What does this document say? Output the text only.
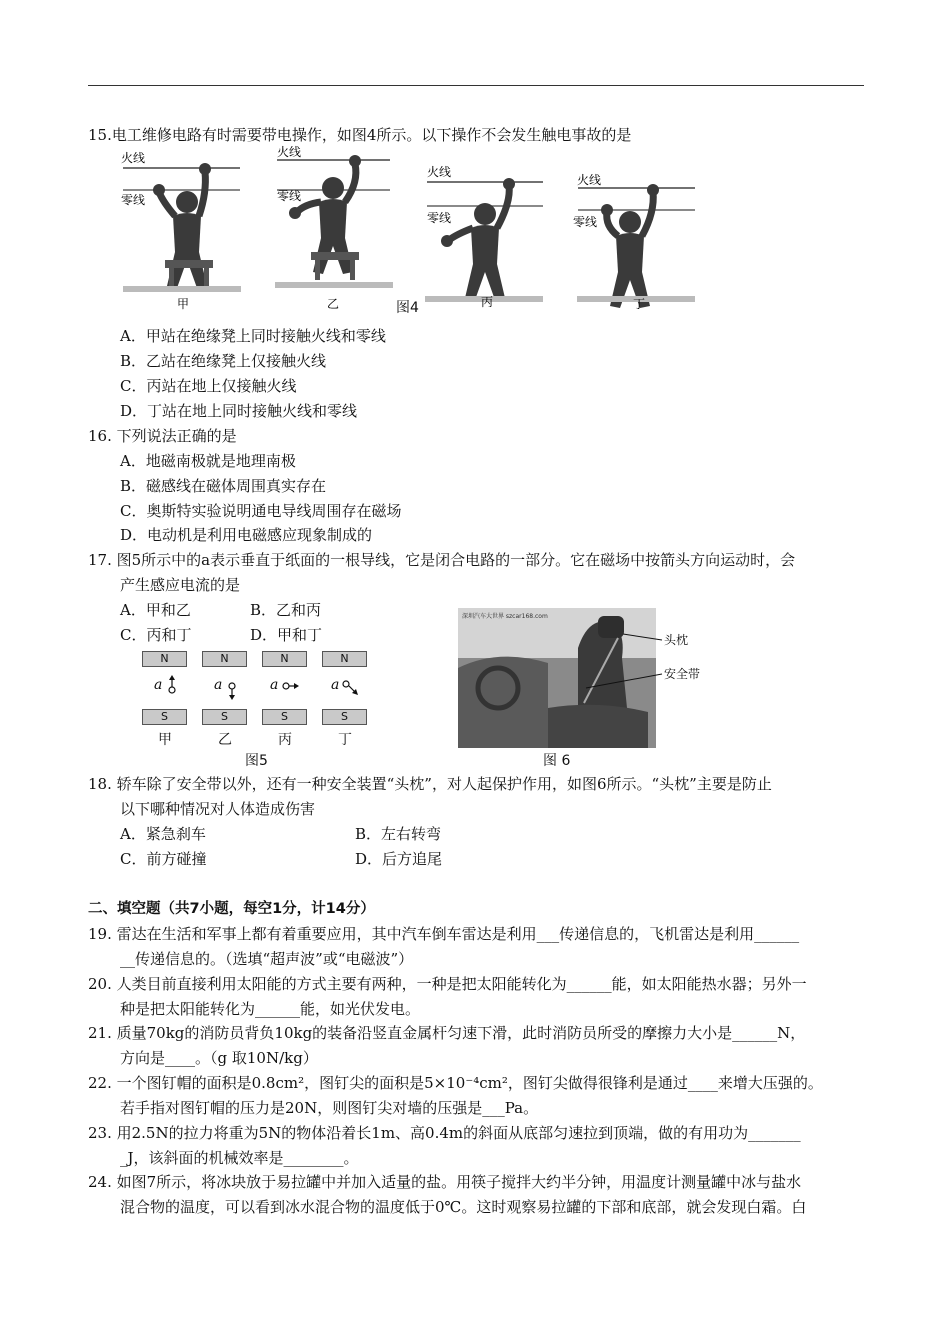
15.电工维修电路有时需要带电操作，如图4所示。以下操作不会发生触电事故的是
火线
零线
甲
火线
零线
乙
火线
零线
丙
火线
零线
丁
图4
A．甲站在绝缘凳上同时接触火线和零线
B．乙站在绝缘凳上仅接触火线
C．丙站在地上仅接触火线
D．丁站在地上同时接触火线和零线
16. 下列说法正确的是
A．地磁南极就是地理南极
B．磁感线在磁体周围真实存在
C．奥斯特实验说明通电导线周围存在磁场
D．电动机是利用电磁感应现象制成的
17. 图5所示中的a表示垂直于纸面的一根导线，它是闭合电路的一部分。它在磁场中按箭头方向运动时，会
产生感应电流的是
A．甲和乙	B．乙和丙
C．丙和丁	D．甲和丁
N	N	N	N
a	a	a	a
S	S	S	S
甲	乙	丙	丁
图5
深圳汽车大世界 szcar168.com
头枕
安全带
图 6
18. 轿车除了安全带以外，还有一种安全装置“头枕”，对人起保护作用，如图6所示。“头枕”主要是防止
以下哪种情况对人体造成伤害
A．紧急刹车	B．左右转弯
C．前方碰撞	D．后方追尾
二、填空题（共7小题，每空1分，计14分）
19. 雷达在生活和军事上都有着重要应用，其中汽车倒车雷达是利用___传递信息的，飞机雷达是利用______
__传递信息的。（选填“超声波”或“电磁波”）
20. 人类目前直接利用太阳能的方式主要有两种，一种是把太阳能转化为______能，如太阳能热水器；另外一
种是把太阳能转化为______能，如光伏发电。
21. 质量70kg的消防员背负10kg的装备沿竖直金属杆匀速下滑，此时消防员所受的摩擦力大小是______N，
方向是____。（g 取10N/kg）
22. 一个图钉帽的面积是0.8cm²，图钉尖的面积是5×10⁻⁴cm²，图钉尖做得很锋利是通过____来增大压强的。
若手指对图钉帽的压力是20N，则图钉尖对墙的压强是___Pa。
23. 用2.5N的拉力将重为5N的物体沿着长1m、高0.4m的斜面从底部匀速拉到顶端，做的有用功为_______
_J，该斜面的机械效率是________。
24. 如图7所示，将冰块放于易拉罐中并加入适量的盐。用筷子搅拌大约半分钟，用温度计测量罐中冰与盐水
混合物的温度，可以看到冰水混合物的温度低于0℃。这时观察易拉罐的下部和底部，就会发现白霜。白
